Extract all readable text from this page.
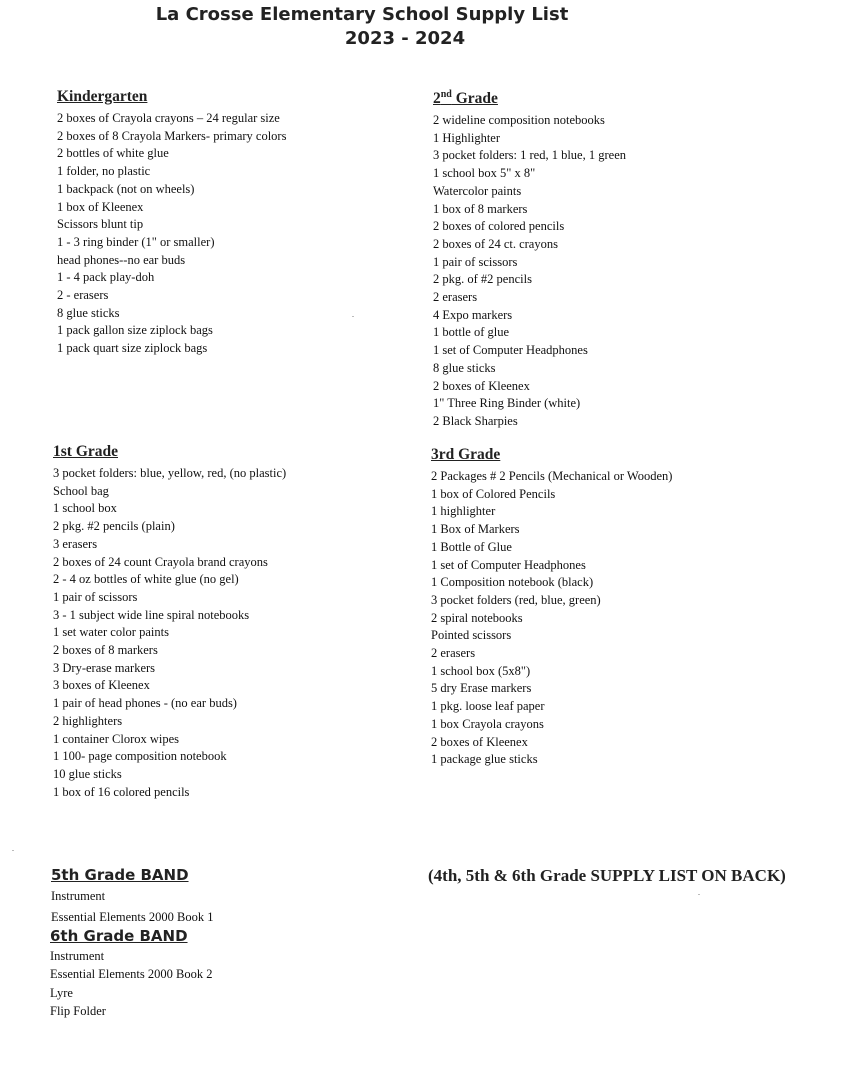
La Crosse Elementary School Supply List
2023 - 2024
Kindergarten
2 boxes of Crayola crayons – 24 regular size
2 boxes of 8 Crayola Markers- primary colors
2 bottles of white glue
1 folder, no plastic
1 backpack (not on wheels)
1 box of Kleenex
Scissors blunt tip
1 - 3 ring binder (1" or smaller)
head phones--no ear buds
1 - 4 pack play-doh
2 - erasers
8 glue sticks
1 pack gallon size ziplock bags
1 pack quart size ziplock bags
2nd Grade
2 wideline composition notebooks
1 Highlighter
3 pocket folders: 1 red, 1 blue, 1 green
1 school box 5" x 8"
Watercolor paints
1 box of 8 markers
2 boxes of colored pencils
2 boxes of 24 ct. crayons
1 pair of scissors
2 pkg. of #2 pencils
2 erasers
4 Expo markers
1 bottle of glue
1 set of Computer Headphones
8 glue sticks
2 boxes of Kleenex
1" Three Ring Binder (white)
2 Black Sharpies
1st Grade
3 pocket folders: blue, yellow, red, (no plastic)
School bag
1 school box
2 pkg. #2 pencils (plain)
3 erasers
2 boxes of 24 count Crayola brand crayons
2 - 4 oz bottles of white glue (no gel)
1 pair of scissors
3 - 1 subject wide line spiral notebooks
1 set water color paints
2 boxes of 8 markers
3 Dry-erase markers
3 boxes of Kleenex
1 pair of head phones - (no ear buds)
2 highlighters
1 container Clorox wipes
1 100- page composition notebook
10 glue sticks
1 box of 16 colored pencils
3rd Grade
2 Packages # 2 Pencils (Mechanical or Wooden)
1 box of Colored Pencils
1 highlighter
1 Box of Markers
1 Bottle of Glue
1 set of Computer Headphones
1 Composition notebook (black)
3 pocket folders (red, blue, green)
2 spiral notebooks
Pointed scissors
2 erasers
1 school box (5x8")
5 dry Erase markers
1 pkg. loose leaf paper
1 box Crayola crayons
2 boxes of Kleenex
1 package glue sticks
5th Grade BAND
Instrument
Essential Elements 2000 Book 1
6th Grade BAND
Instrument
Essential Elements 2000 Book 2
Lyre
Flip Folder
(4th, 5th & 6th Grade SUPPLY LIST ON BACK)
